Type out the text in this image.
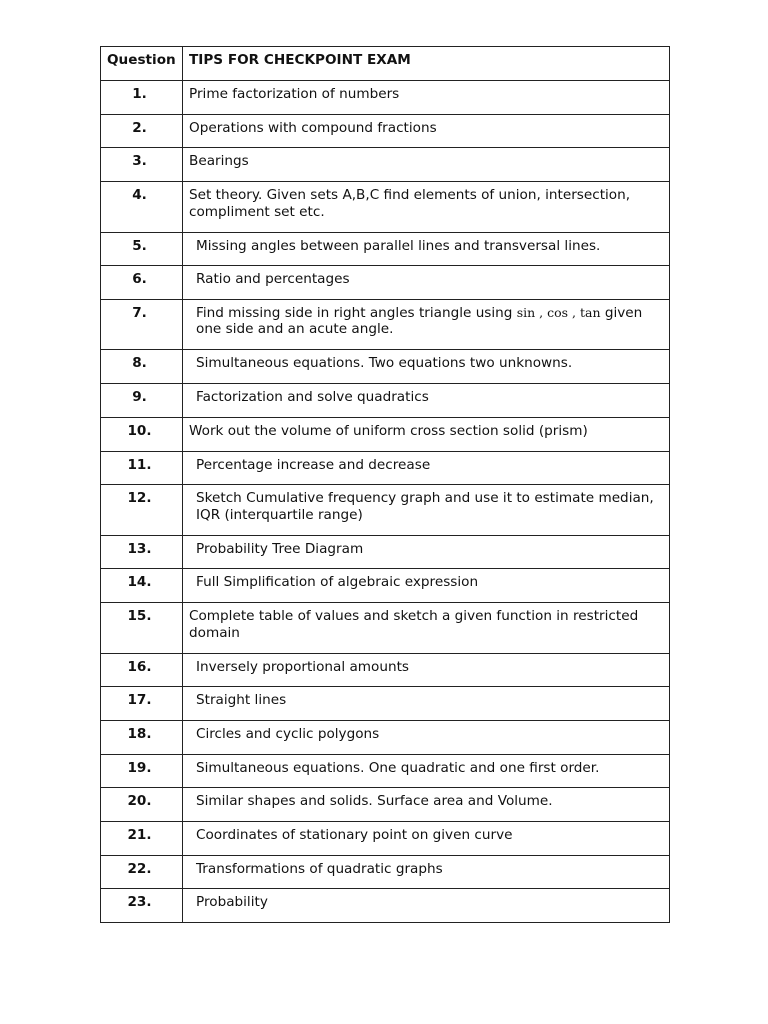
Question	TIPS FOR CHECKPOINT EXAM
1.	Prime factorization of numbers
2.	Operations with compound fractions
3.	Bearings
4.	Set theory. Given sets A,B,C find elements of union, intersection, compliment set etc.
5.	Missing angles between parallel lines and transversal lines.
6.	Ratio and percentages
7.	Find missing side in right angles triangle using sin , cos , tan given one side and an acute angle.
8.	Simultaneous equations. Two equations two unknowns.
9.	Factorization and solve quadratics
10.	Work out the volume of uniform cross section solid (prism)
11.	Percentage increase and decrease
12.	Sketch Cumulative frequency graph and use it to estimate median, IQR (interquartile range)
13.	Probability Tree Diagram
14.	Full Simplification of algebraic expression
15.	Complete table of values and sketch a given function in restricted domain
16.	Inversely proportional amounts
17.	Straight lines
18.	Circles and cyclic polygons
19.	Simultaneous equations. One quadratic and one first order.
20.	Similar shapes and solids. Surface area and Volume.
21.	Coordinates of stationary point on given curve
22.	Transformations of quadratic graphs
23.	Probability
